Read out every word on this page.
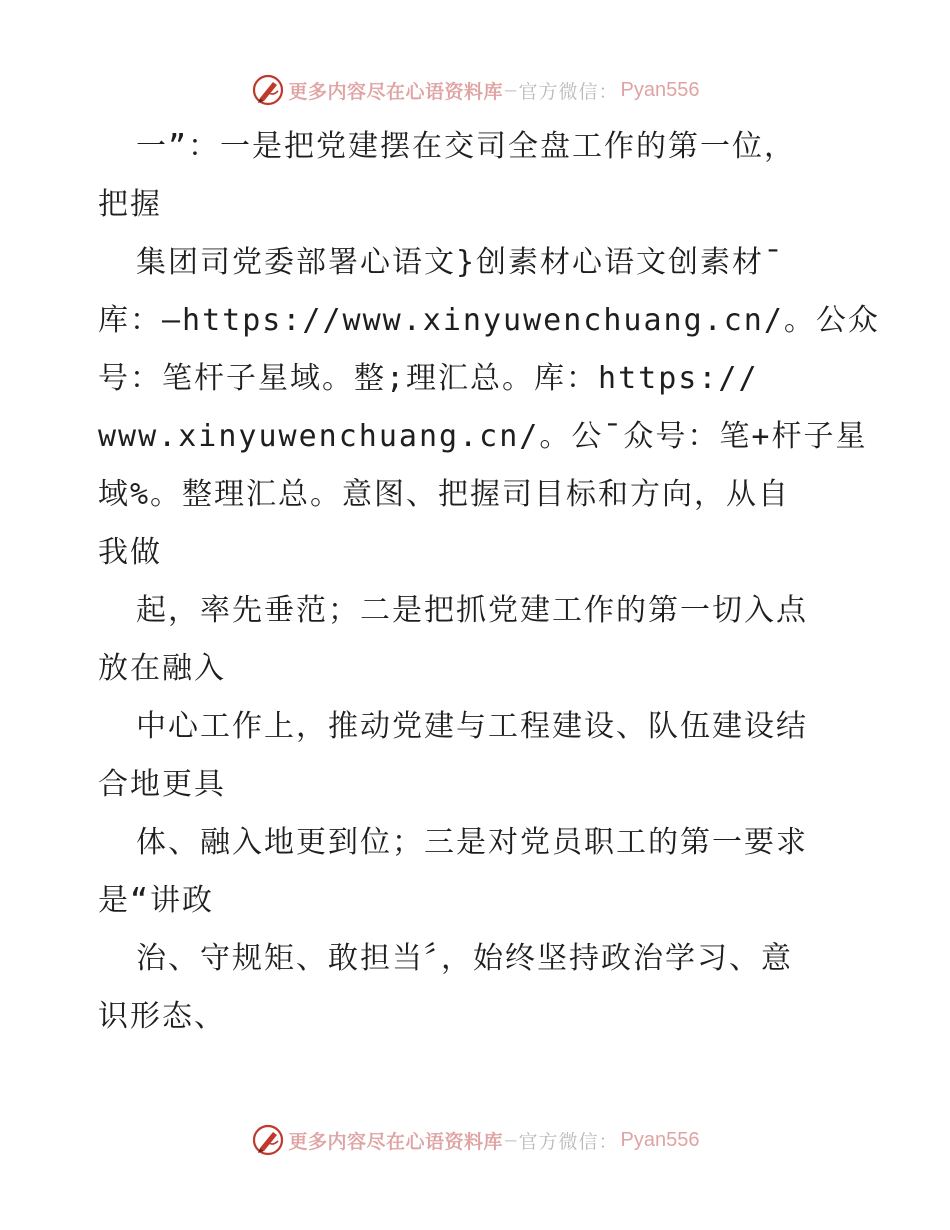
更多内容尽在心语资料库 — 官方微信： Pyan556
一”：一是把党建摆在交司全盘工作的第一位，
把握
集团司党委部署心语文}创素材心语文创素材¯
库：—https://www.xinyuwenchuang.cn/。公众
号：笔杆子星域。整;理汇总。库：https://
www.xinyuwenchuang.cn/。公¯众号：笔+杆子星
域%。整理汇总。意图、把握司目标和方向，从自
我做
起，率先垂范；二是把抓党建工作的第一切入点
放在融入
中心工作上，推动党建与工程建设、队伍建设结
合地更具
体、融入地更到位；三是对党员职工的第一要求
是“讲政
治、守规矩、敢担当〞，始终坚持政治学习、意
识形态、
更多内容尽在心语资料库 — 官方微信： Pyan556
